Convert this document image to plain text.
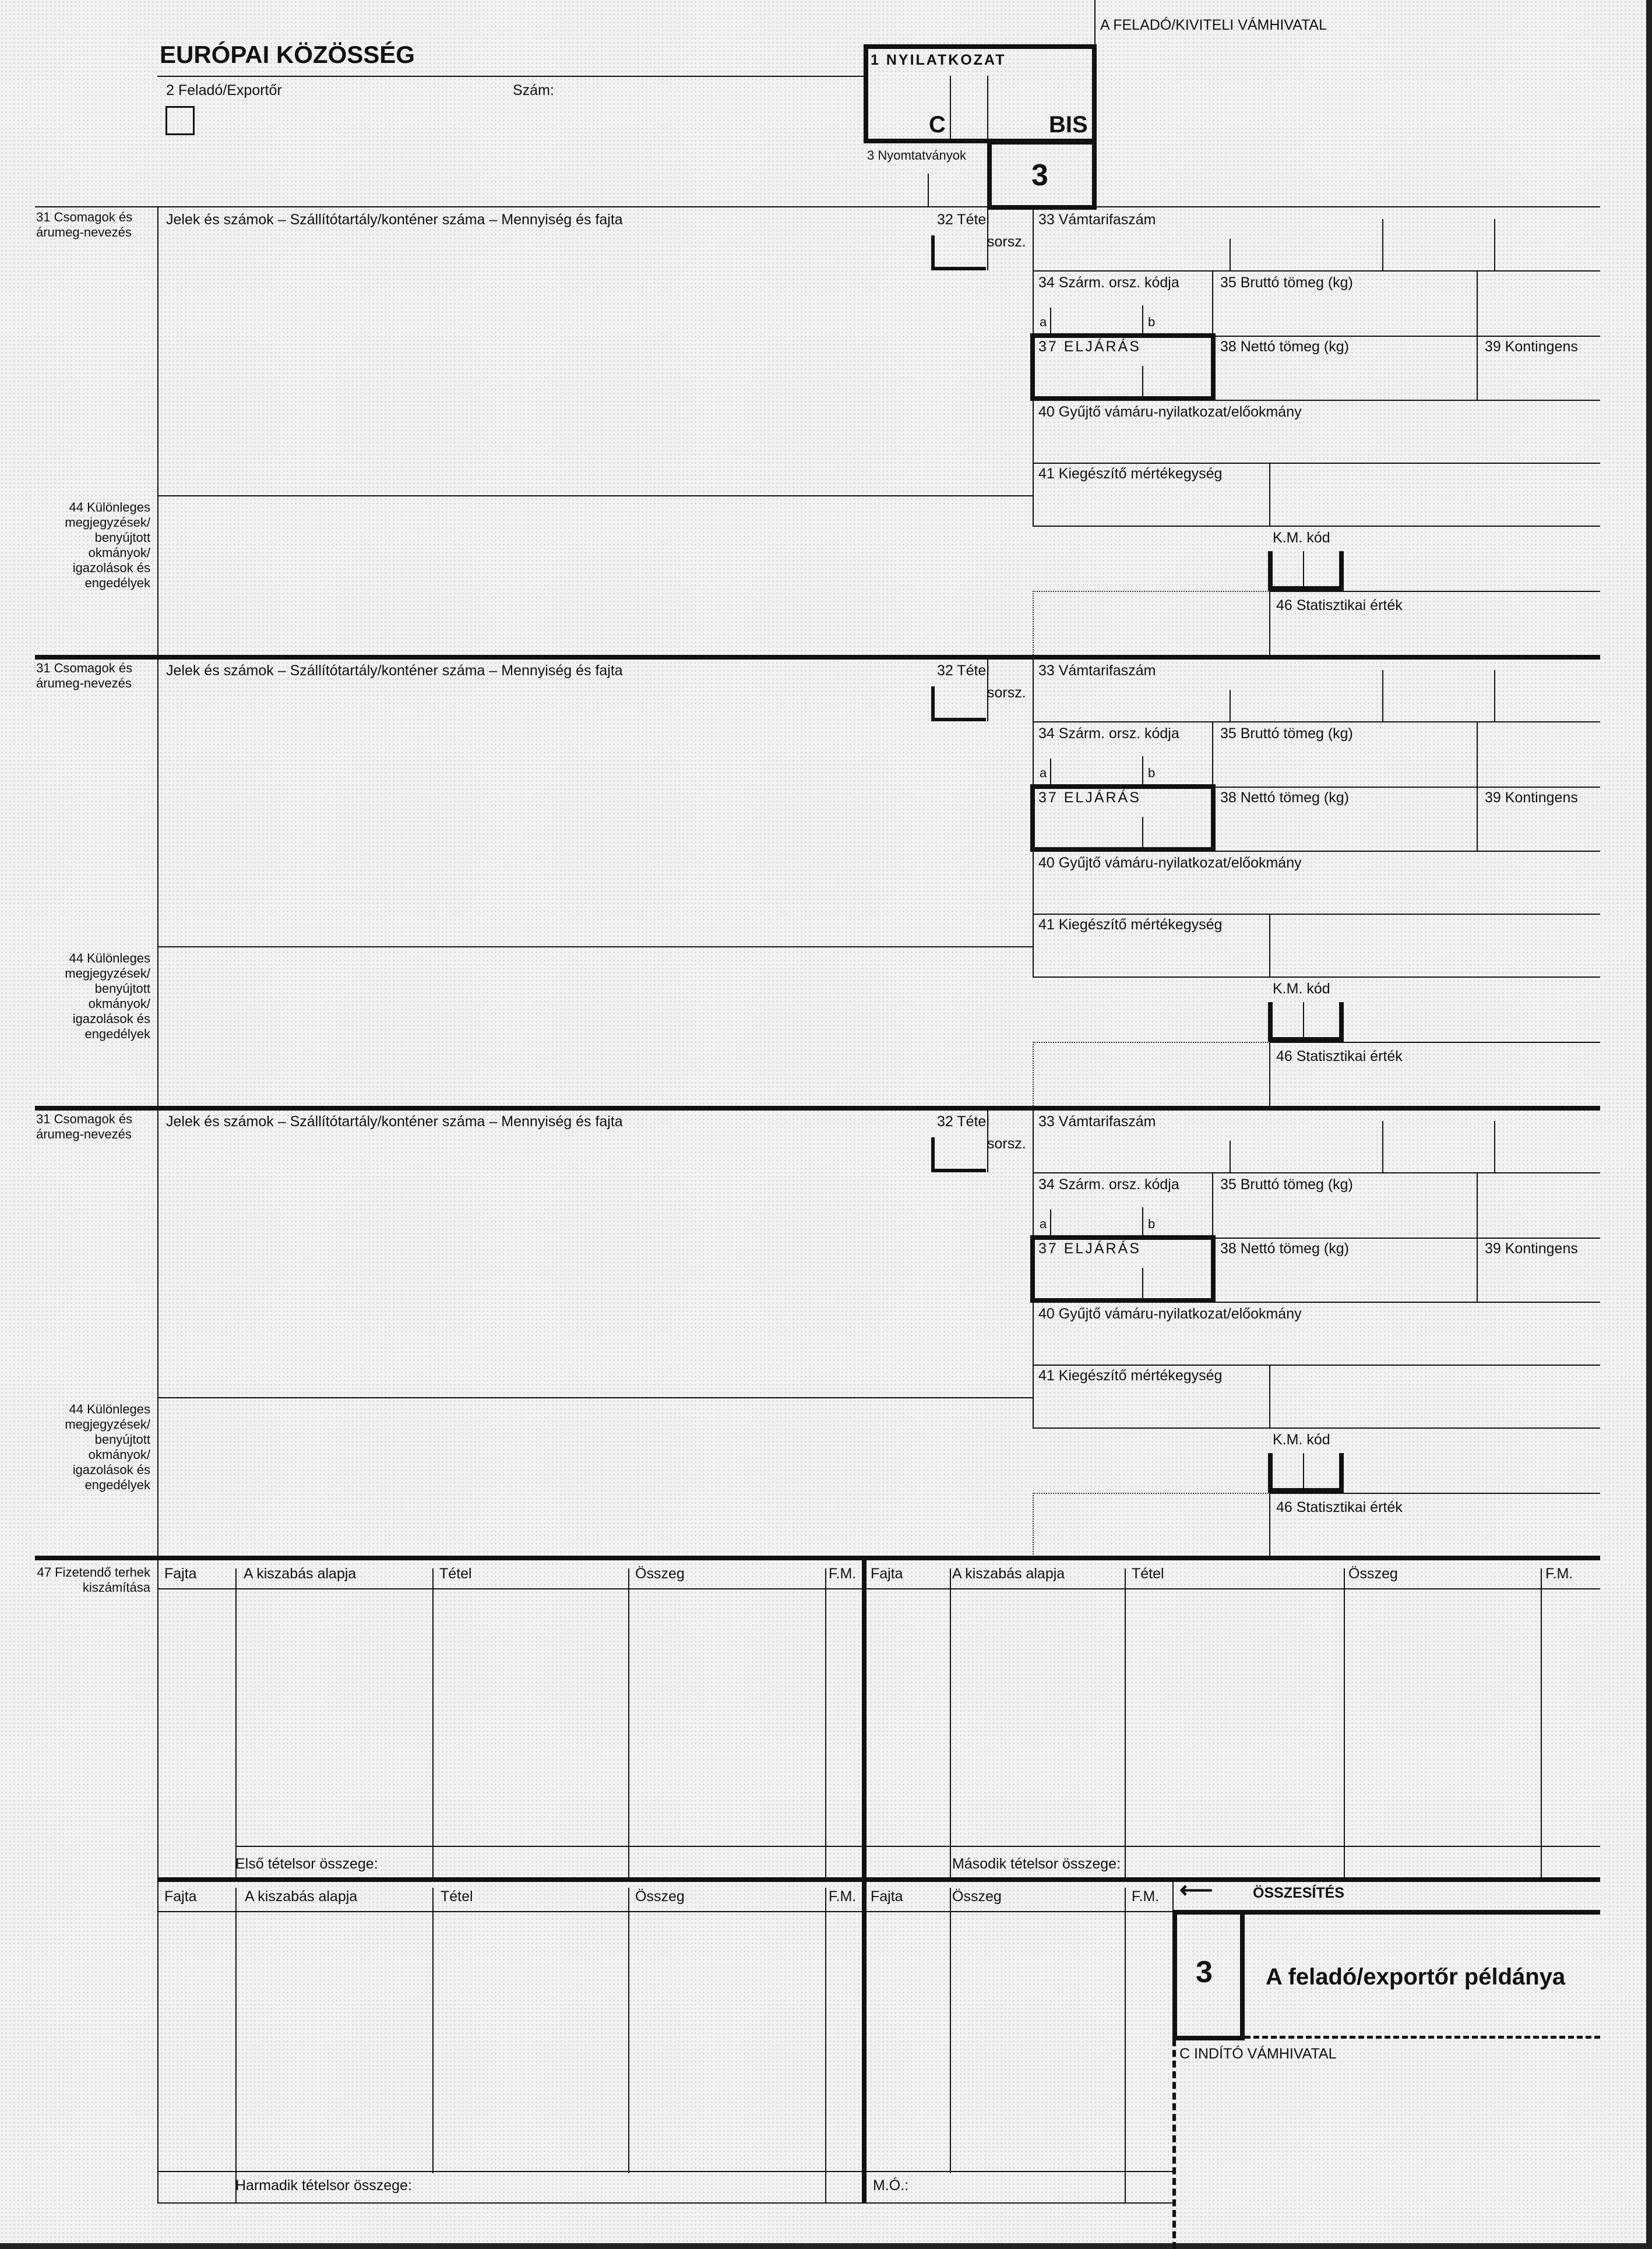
EURÓPAI KÖZÖSSÉG
A FELADÓ/KIVITELI VÁMHIVATAL
2 Feladó/Exportőr	Szám:
1 NYILATKOZAT
C	BIS
3 Nyomtatványok
3
31 Csomagok és árumeg-nevezés
Jelek és számok – Szállítótartály/konténer száma – Mennyiség és fajta	32 Tétel
sorsz.
33 Vámtarifaszám
34 Szárm. orsz. kódja
a	b
35 Bruttó tömeg (kg)
37 ELJÁRÁS	38 Nettó tömeg (kg)	39 Kontingens
40 Gyűjtő vámáru-nyilatkozat/előokmány
41 Kiegészítő mértékegység
44 Különleges megjegyzések/ benyújtott okmányok/ igazolások és engedélyek
K.M. kód
46 Statisztikai érték
31 Csomagok és árumeg-nevezés
Jelek és számok – Szállítótartály/konténer száma – Mennyiség és fajta	32 Tétel
sorsz.
33 Vámtarifaszám
34 Szárm. orsz. kódja
a	b
35 Bruttó tömeg (kg)
37 ELJÁRÁS	38 Nettó tömeg (kg)	39 Kontingens
40 Gyűjtő vámáru-nyilatkozat/előokmány
41 Kiegészítő mértékegység
44 Különleges megjegyzések/ benyújtott okmányok/ igazolások és engedélyek
K.M. kód
46 Statisztikai érték
31 Csomagok és árumeg-nevezés
Jelek és számok – Szállítótartály/konténer száma – Mennyiség és fajta	32 Tétel
sorsz.
33 Vámtarifaszám
34 Szárm. orsz. kódja
a	b
35 Bruttó tömeg (kg)
37 ELJÁRÁS	38 Nettó tömeg (kg)	39 Kontingens
40 Gyűjtő vámáru-nyilatkozat/előokmány
41 Kiegészítő mértékegység
44 Különleges megjegyzések/ benyújtott okmányok/ igazolások és engedélyek
K.M. kód
46 Statisztikai érték
47 Fizetendő terhek kiszámítása
Fajta	A kiszabás alapja	Tétel	Összeg	F.M. Fajta	A kiszabás alapja	Tétel	Összeg	F.M.
Első tételsor összege:	Második tételsor összege:
Fajta	A kiszabás alapja	Tétel	Összeg	F.M. Fajta	Összeg	F.M.
Harmadik tételsor összege:	M.Ó.:
⟵	ÖSSZESÍTÉS
3 A feladó/exportőr példánya
C INDÍTÓ VÁMHIVATAL
